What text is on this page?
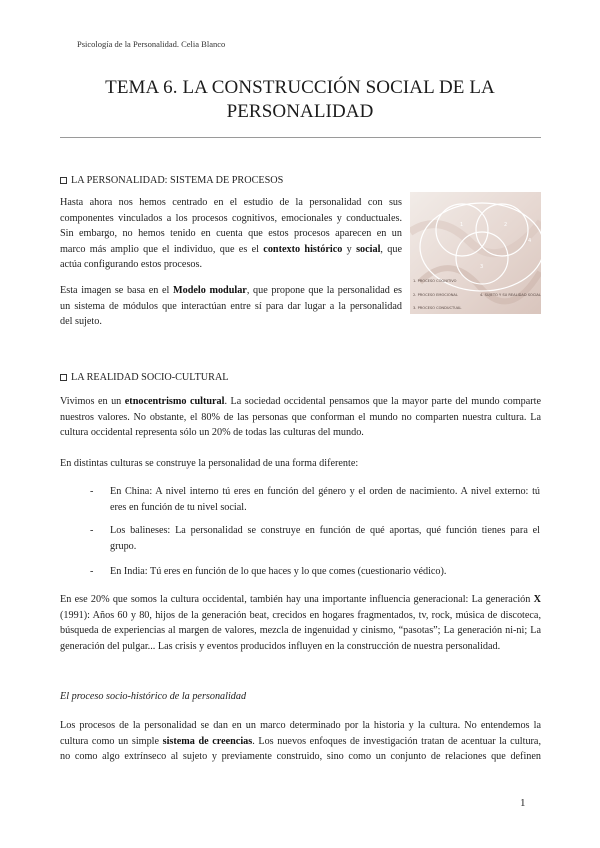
Psicología de la Personalidad. Celia Blanco
TEMA 6. LA CONSTRUCCIÓN SOCIAL DE LA
PERSONALIDAD
LA PERSONALIDAD: SISTEMA DE PROCESOS
Hasta ahora nos hemos centrado en el estudio de la personalidad con sus
componentes vinculados a los procesos cognitivos, emocionales y conductuales.
Sin embargo, no hemos tenido en cuenta que estos procesos aparecen en un
marco más amplio que el individuo, que es el contexto histórico y social, que
actúa configurando estos procesos.
Esta imagen se basa en el Modelo modular, que propone que la personalidad es
un sistema de módulos que interactúan entre sí para dar lugar a la personalidad
del sujeto.
1	2
3
4
1. PROCESO COGNITIVO
2. PROCESO EMOCIONAL
3. PROCESO CONDUCTUAL
4. SUJETO Y SU REALIDAD SOCIAL
LA REALIDAD SOCIO-CULTURAL
Vivimos en un etnocentrismo cultural. La sociedad occidental pensamos que la mayor parte del mundo comparte
nuestros valores. No obstante, el 80% de las personas que conforman el mundo no comparten nuestra cultura. La
cultura occidental representa sólo un 20% de todas las culturas del mundo.
En distintas culturas se construye la personalidad de una forma diferente:
- En China: A nivel interno tú eres en función del género y el orden de nacimiento. A nivel externo: tú
eres en función de tu nivel social.
- Los balineses: La personalidad se construye en función de qué aportas, qué función tienes para el
grupo.
- En India: Tú eres en función de lo que haces y lo que comes (cuestionario védico).
En ese 20% que somos la cultura occidental, también hay una importante influencia generacional: La generación X
(1991): Años 60 y 80, hijos de la generación beat, crecidos en hogares fragmentados, tv, rock, música de discoteca,
búsqueda de experiencias al margen de valores, mezcla de ingenuidad y cinismo, “pasotas”; La generación ni-ni; La
generación del pulgar... Las crisis y eventos producidos influyen en la construcción de nuestra personalidad.
El proceso socio-histórico de la personalidad
Los procesos de la personalidad se dan en un marco determinado por la historia y la cultura. No entendemos la
cultura como un simple sistema de creencias. Los nuevos enfoques de investigación tratan de acentuar la cultura,
no como algo extrínseco al sujeto y previamente construido, sino como un conjunto de relaciones que definen
1
